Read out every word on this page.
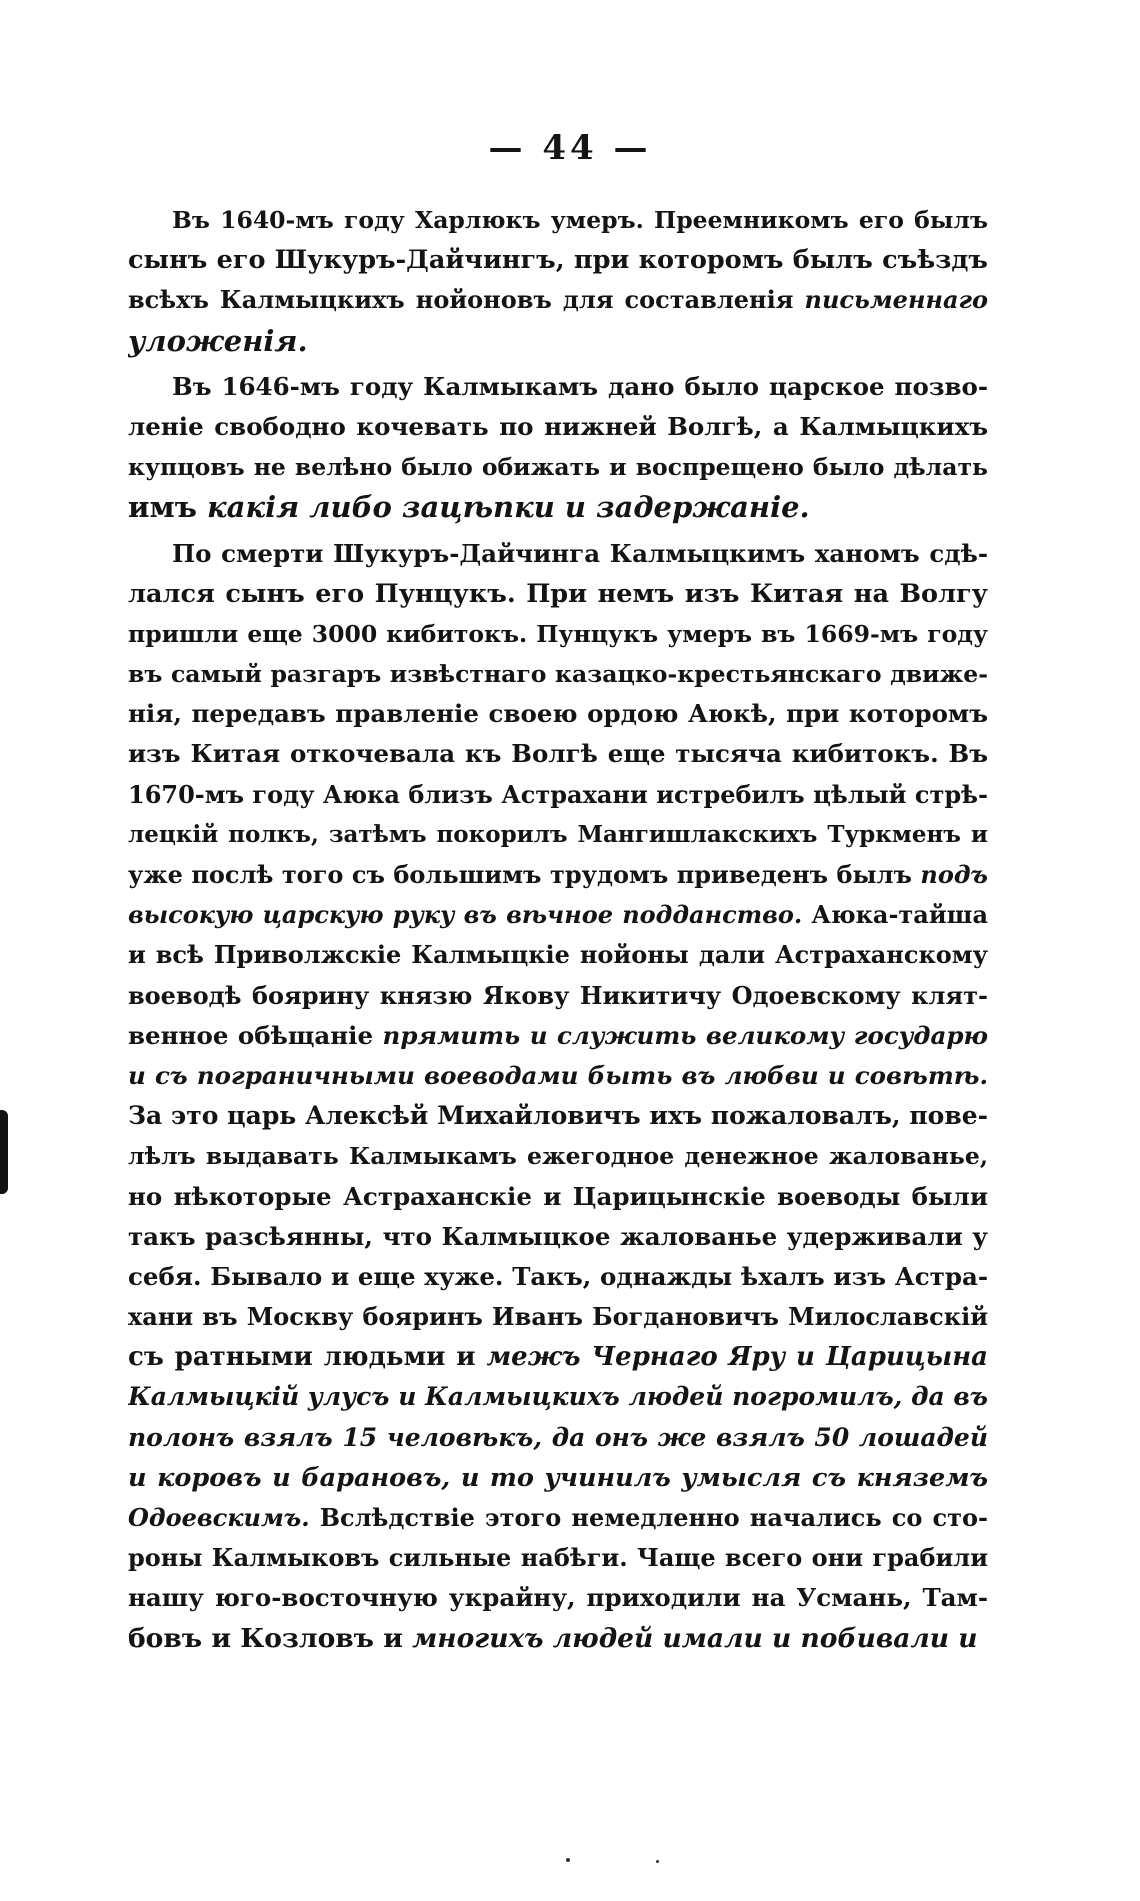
— 44 —
Въ 1640-мъ году Харлюкъ умеръ. Преемникомъ его былъ
сынъ его Шукуръ-Дайчингъ, при которомъ былъ съѣздъ
всѣхъ Калмыцкихъ нойоновъ для составленія письменнаго
уложенія.
Въ 1646-мъ году Калмыкамъ дано было царское позво-
леніе свободно кочевать по нижней Волгѣ, а Калмыцкихъ
купцовъ не велѣно было обижать и воспрещено было дѣлать
имъ какія либо зацѣпки и задержаніе.
По смерти Шукуръ-Дайчинга Калмыцкимъ ханомъ сдѣ-
лался сынъ его Пунцукъ. При немъ изъ Китая на Волгу
пришли еще 3000 кибитокъ. Пунцукъ умеръ въ 1669-мъ году
въ самый разгаръ извѣстнаго казацко-крестьянскаго движе-
нія, передавъ правленіе своею ордою Аюкѣ, при которомъ
изъ Китая откочевала къ Волгѣ еще тысяча кибитокъ. Въ
1670-мъ году Аюка близъ Астрахани истребилъ цѣлый стрѣ-
лецкій полкъ, затѣмъ покорилъ Мангишлакскихъ Туркменъ и
уже послѣ того съ большимъ трудомъ приведенъ былъ подъ
высокую царскую руку въ вѣчное подданство. Аюка-тайша
и всѣ Приволжскіе Калмыцкіе нойоны дали Астраханскому
воеводѣ боярину князю Якову Никитичу Одоевскому клят-
венное обѣщаніе прямить и служить великому государю
и съ пограничными воеводами быть въ любви и совѣтѣ.
За это царь Алексѣй Михайловичъ ихъ пожаловалъ, пове-
лѣлъ выдавать Калмыкамъ ежегодное денежное жалованье,
но нѣкоторые Астраханскіе и Царицынскіе воеводы были
такъ разсѣянны, что Калмыцкое жалованье удерживали у
себя. Бывало и еще хуже. Такъ, однажды ѣхалъ изъ Астра-
хани въ Москву бояринъ Иванъ Богдановичъ Милославскій
съ ратными людьми и межъ Чернаго Яру и Царицына
Калмыцкій улусъ и Калмыцкихъ людей погромилъ, да въ
полонъ взялъ 15 человѣкъ, да онъ же взялъ 50 лошадей
и коровъ и барановъ, и то учинилъ умысля съ княземъ
Одоевскимъ. Вслѣдствіе этого немедленно начались со сто-
роны Калмыковъ сильные набѣги. Чаще всего они грабили
нашу юго-восточную украйну, приходили на Усмань, Там-
бовъ и Козловъ и многихъ людей имали и побивали и
